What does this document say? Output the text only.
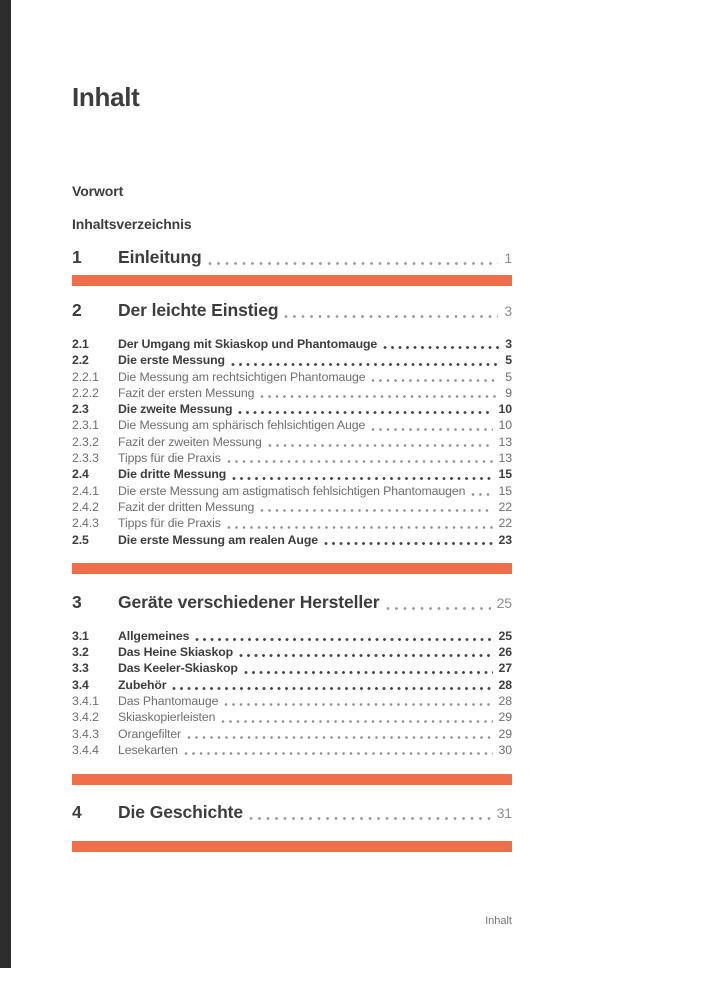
Inhalt
Vorwort
Inhaltsverzeichnis
1	Einleitung	1
2	Der leichte Einstieg	3
2.1	Der Umgang mit Skiaskop und Phantomauge	3
2.2	Die erste Messung	5
2.2.1	Die Messung am rechtsichtigen Phantomauge	5
2.2.2	Fazit der ersten Messung	9
2.3	Die zweite Messung	10
2.3.1	Die Messung am sphärisch fehlsichtigen Auge	10
2.3.2	Fazit der zweiten Messung	13
2.3.3	Tipps für die Praxis	13
2.4	Die dritte Messung	15
2.4.1	Die erste Messung am astigmatisch fehlsichtigen Phantomaugen	15
2.4.2	Fazit der dritten Messung	22
2.4.3	Tipps für die Praxis	22
2.5	Die erste Messung am realen Auge	23
3	Geräte verschiedener Hersteller	25
3.1	Allgemeines	25
3.2	Das Heine Skiaskop	26
3.3	Das Keeler-Skiaskop	27
3.4	Zubehör	28
3.4.1	Das Phantomauge	28
3.4.2	Skiaskopierleisten	29
3.4.3	Orangefilter	29
3.4.4	Lesekarten	30
4	Die Geschichte	31
Inhalt
